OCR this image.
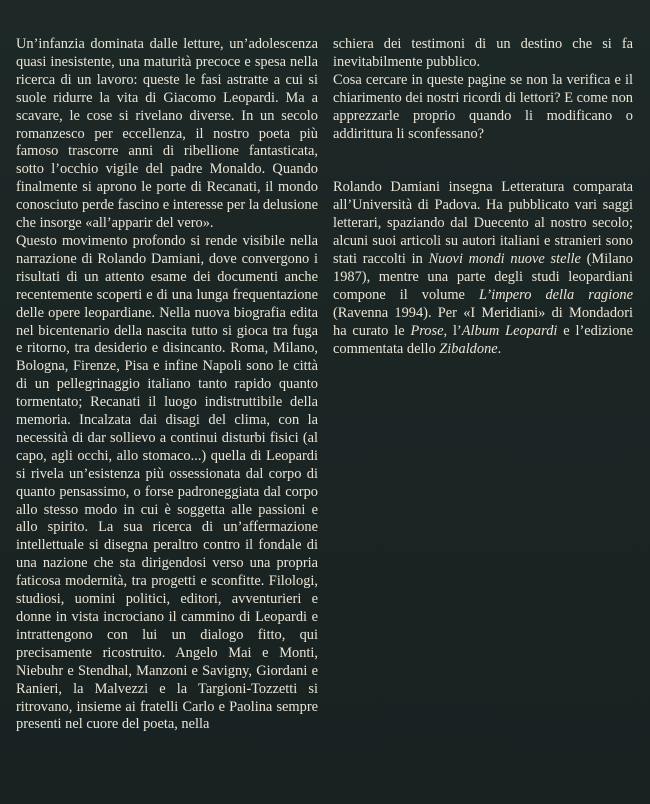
Un’infanzia dominata dalle letture, un’adolescenza quasi inesistente, una maturità precoce e spesa nella ricerca di un lavoro: queste le fasi astratte a cui si suole ridurre la vita di Giacomo Leopardi. Ma a scavare, le cose si rivelano diverse. In un secolo romanzesco per eccellenza, il nostro poeta più famoso trascorre anni di ribellione fantasticata, sotto l’occhio vigile del padre Monaldo. Quando finalmente si aprono le porte di Recanati, il mondo conosciuto perde fascino e interesse per la delusione che insorge «all’apparir del vero».

Questo movimento profondo si rende visibile nella narrazione di Rolando Damiani, dove convergono i risultati di un attento esame dei documenti anche recentemente scoperti e di una lunga frequentazione delle opere leopardiane. Nella nuova biografia edita nel bicentenario della nascita tutto si gioca tra fuga e ritorno, tra desiderio e disincanto. Roma, Milano, Bologna, Firenze, Pisa e infine Napoli sono le città di un pellegrinaggio italiano tanto rapido quanto tormentato; Recanati il luogo indistruttibile della memoria. Incalzata dai disagi del clima, con la necessità di dar sollievo a continui disturbi fisici (al capo, agli occhi, allo stomaco...) quella di Leopardi si rivela un’esistenza più ossessionata dal corpo di quanto pensassimo, o forse padroneggiata dal corpo allo stesso modo in cui è soggetta alle passioni e allo spirito. La sua ricerca di un’affermazione intellettuale si disegna peraltro contro il fondale di una nazione che sta dirigendosi verso una propria faticosa modernità, tra progetti e sconfitte. Filologi, studiosi, uomini politici, editori, avventurieri e donne in vista incrociano il cammino di Leopardi e intrattengono con lui un dialogo fitto, qui precisamente ricostruito. Angelo Mai e Monti, Niebuhr e Stendhal, Manzoni e Savigny, Giordani e Ranieri, la Malvezzi e la Targioni-Tozzetti si ritrovano, insieme ai fratelli Carlo e Paolina sempre presenti nel cuore del poeta, nella

schiera dei testimoni di un destino che si fa inevitabilmente pubblico.

Cosa cercare in queste pagine se non la verifica e il chiarimento dei nostri ricordi di lettori? E come non apprezzarle proprio quando li modificano o addirittura li sconfessano?

Rolando Damiani insegna Letteratura comparata all’Università di Padova. Ha pubblicato vari saggi letterari, spaziando dal Duecento al nostro secolo; alcuni suoi articoli su autori italiani e stranieri sono stati raccolti in Nuovi mondi nuove stelle (Milano 1987), mentre una parte degli studi leopardiani compone il volume L’impero della ragione (Ravenna 1994). Per «I Meridiani» di Mondadori ha curato le Prose, l’Album Leopardi e l’edizione commentata dello Zibaldone.
